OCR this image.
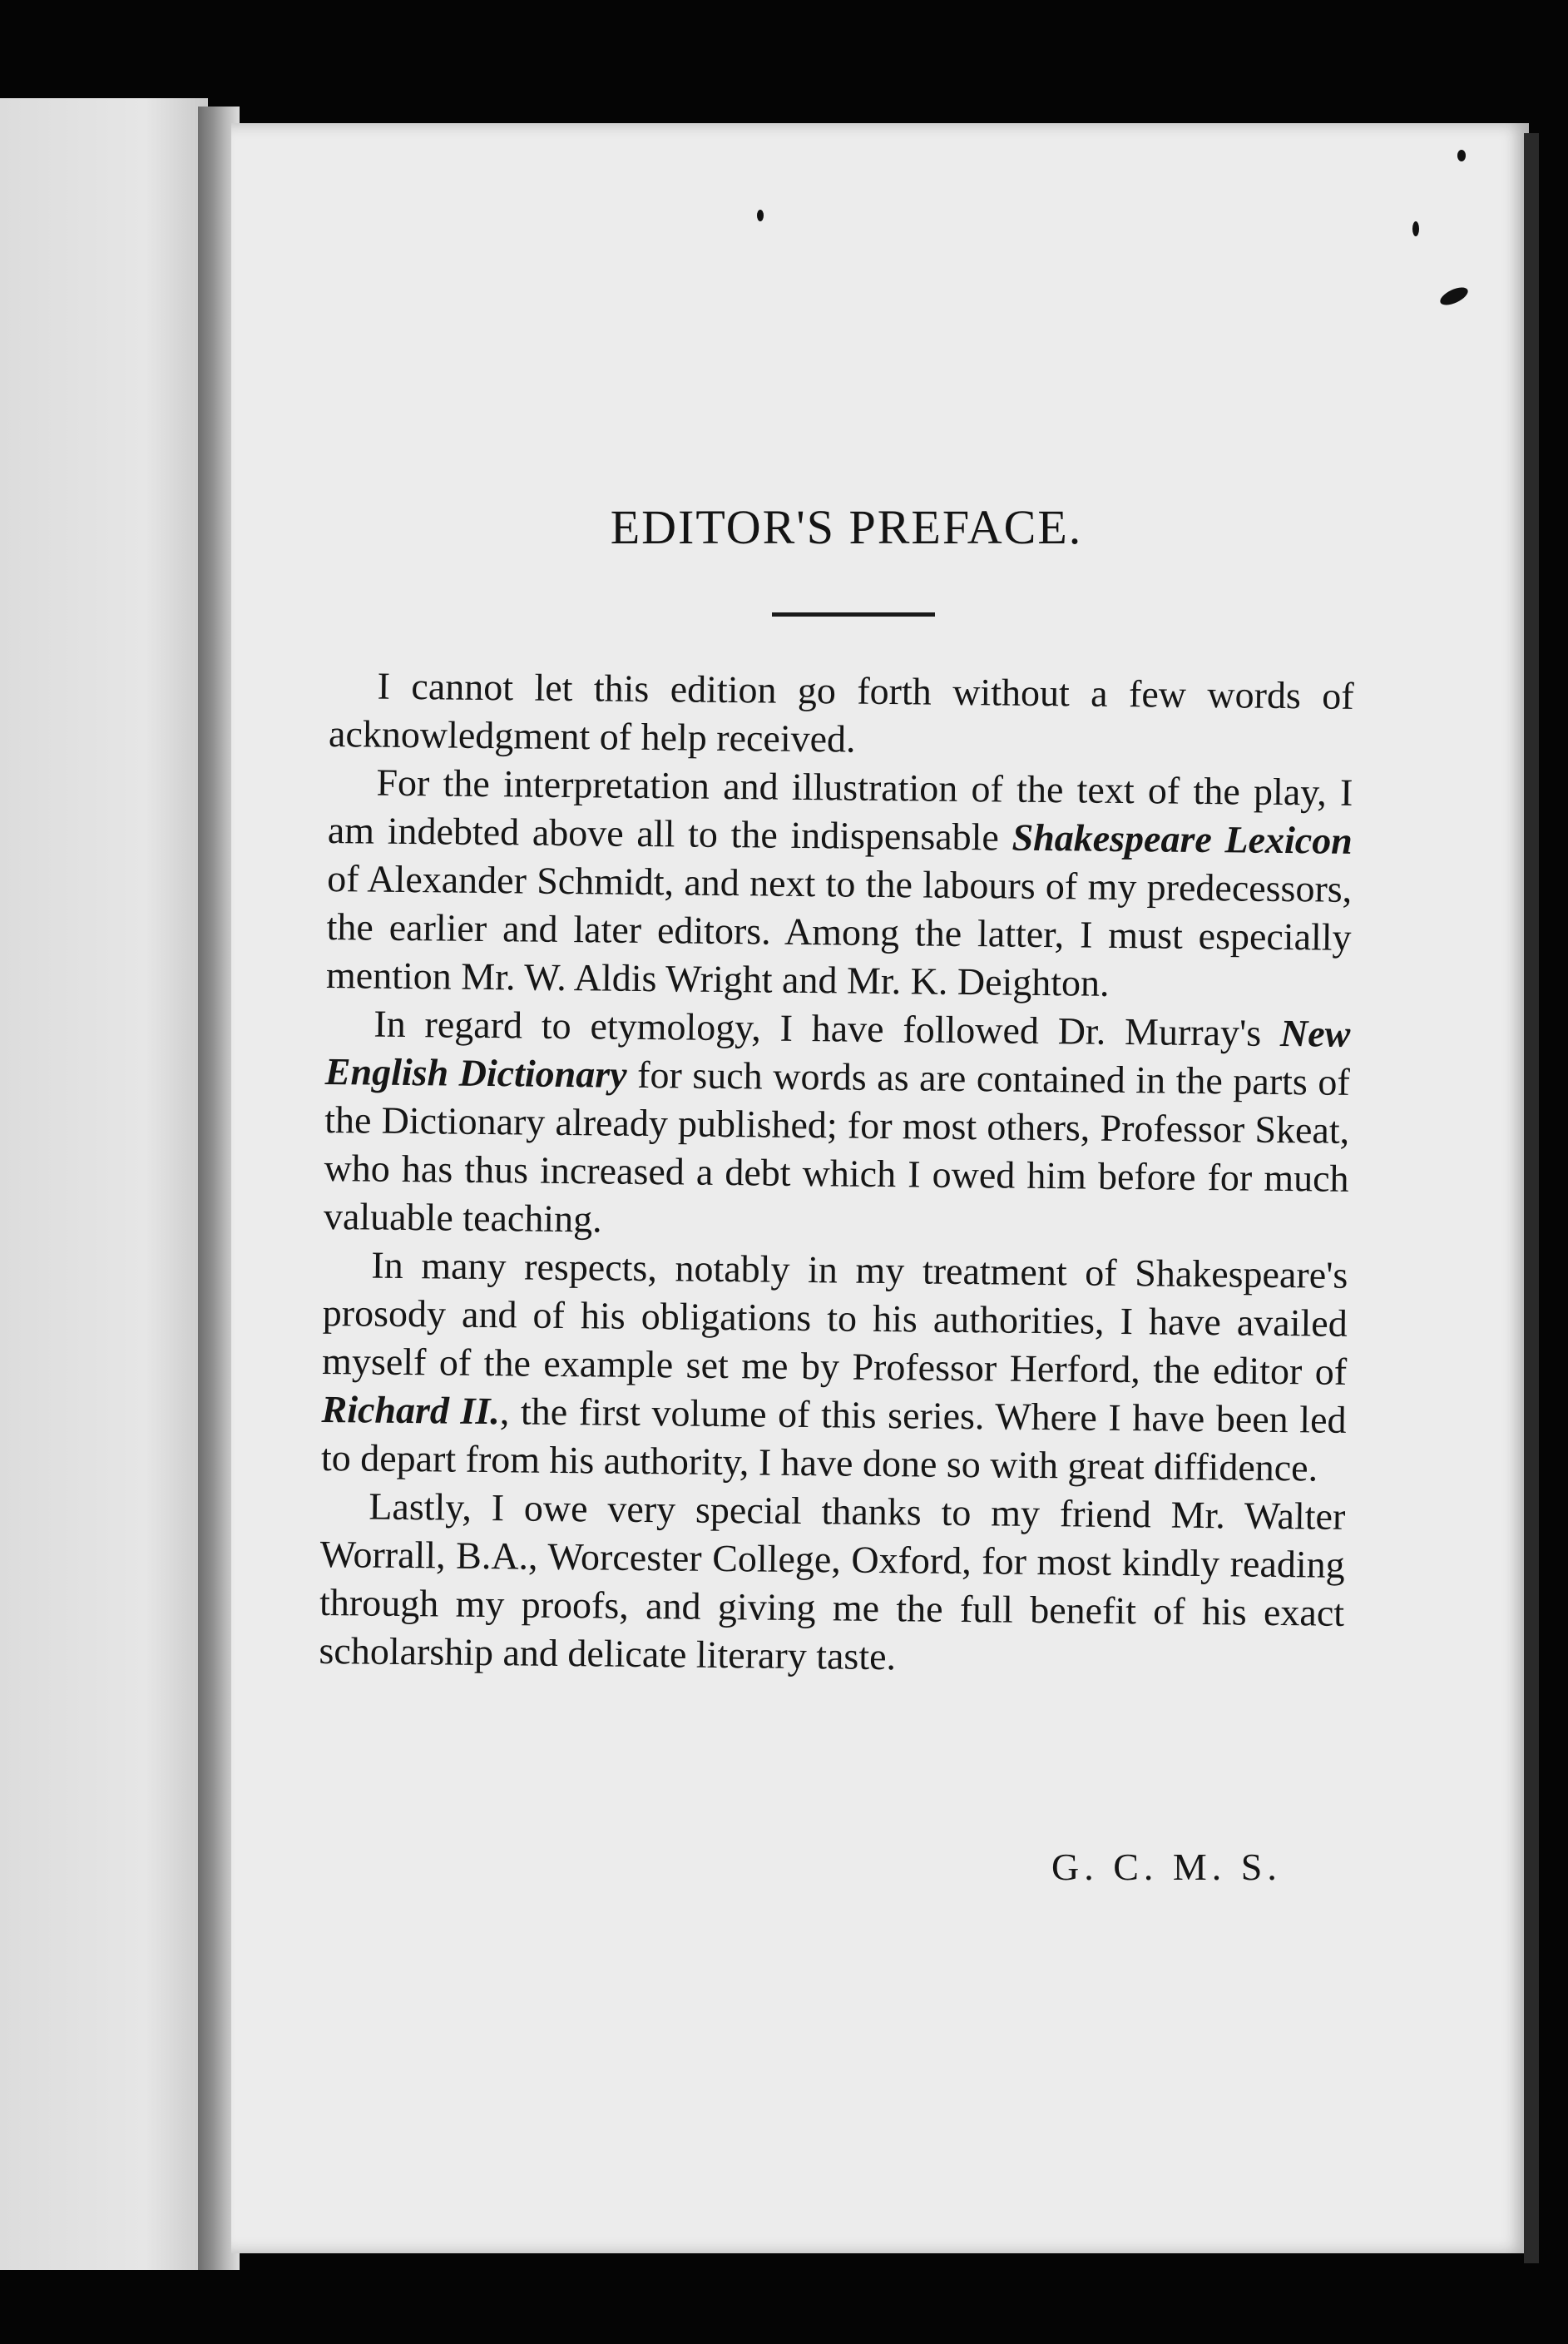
EDITOR'S PREFACE.

I cannot let this edition go forth without a few words of acknowledgment of help received.

For the interpretation and illustration of the text of the play, I am indebted above all to the indispensable Shakespeare Lexicon of Alexander Schmidt, and next to the labours of my predecessors, the earlier and later editors. Among the latter, I must especially mention Mr. W. Aldis Wright and Mr. K. Deighton.

In regard to etymology, I have followed Dr. Murray's New English Dictionary for such words as are contained in the parts of the Dictionary already published; for most others, Professor Skeat, who has thus increased a debt which I owed him before for much valuable teaching.

In many respects, notably in my treatment of Shakespeare's prosody and of his obligations to his authorities, I have availed myself of the example set me by Professor Herford, the editor of Richard II., the first volume of this series. Where I have been led to depart from his authority, I have done so with great diffidence.

Lastly, I owe very special thanks to my friend Mr. Walter Worrall, B.A., Worcester College, Oxford, for most kindly reading through my proofs, and giving me the full benefit of his exact scholarship and delicate literary taste.

G. C. M. S.
